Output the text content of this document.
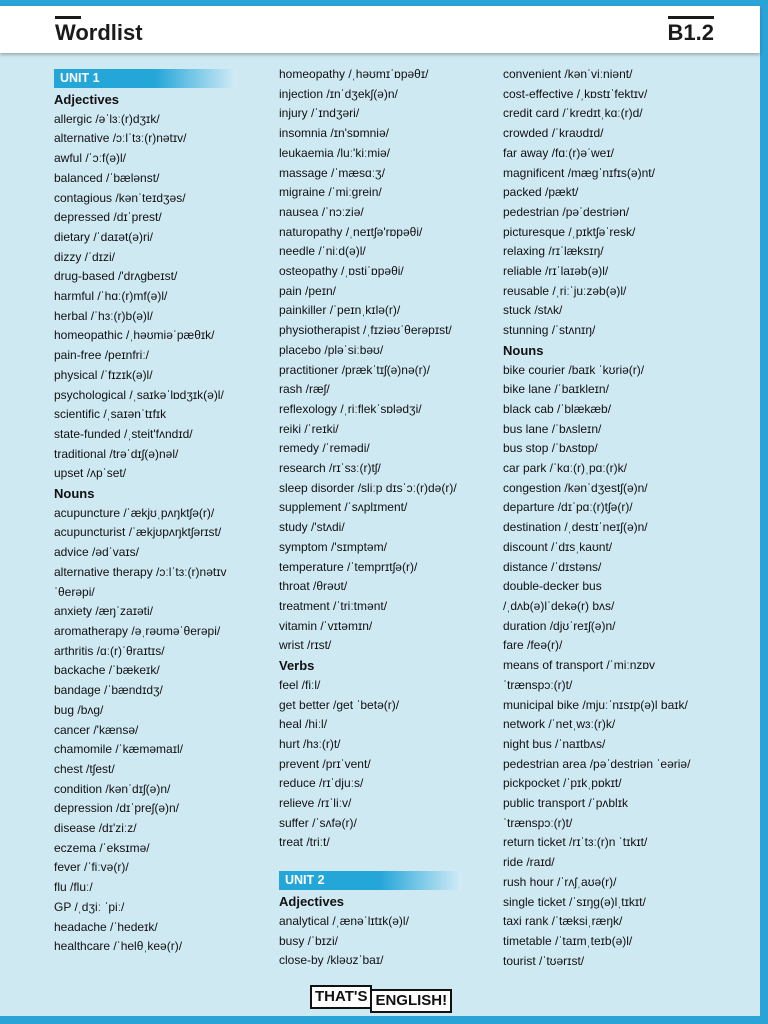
Wordlist	B1.2
UNIT 1
Adjectives
allergic /əˈlɜː(r)dʒɪk/
alternative /ɔːlˈtɜː(r)nətɪv/
awful /ˈɔːf(ə)l/
balanced /ˈbælənst/
contagious /kənˈteɪdʒəs/
depressed /dɪˈprest/
dietary /ˈdaɪət(ə)ri/
dizzy /ˈdɪzi/
drug-based /'drʌgbeɪst/
harmful /ˈhɑː(r)mf(ə)l/
herbal /ˈhɜː(r)b(ə)l/
homeopathic /ˌhəʊmiəˈpæθɪk/
pain-free /peɪnfriː/
physical /ˈfɪzɪk(ə)l/
psychological /ˌsaɪkəˈlɒdʒɪk(ə)l/
scientific /ˌsaɪənˈtɪfɪk
state-funded /ˌsteit'fʌndɪd/
traditional /trəˈdɪʃ(ə)nəl/
upset /ʌpˈset/
Nouns
acupuncture /ˈækjʊˌpʌŋktʃə(r)/
acupuncturist /ˈækjʊpʌŋktʃərɪst/
advice /ədˈvaɪs/
alternative therapy /ɔːlˈtɜː(r)nətɪv
ˈθerəpi/
anxiety /æŋˈzaɪəti/
aromatherapy /əˌrəʊməˈθerəpi/
arthritis /ɑː(r)ˈθraɪtɪs/
backache /ˈbækeɪk/
bandage /ˈbændɪdʒ/
bug /bʌg/
cancer /'kænsə/
chamomile /ˈkæməmaɪl/
chest /tʃest/
condition /kənˈdɪʃ(ə)n/
depression /dɪˈpreʃ(ə)n/
disease /dɪ'ziːz/
eczema /ˈeksɪmə/
fever /ˈfiːvə(r)/
flu /fluː/
GP /ˌdʒiː ˈpiː/
headache /ˈhedeɪk/
healthcare /ˈhelθˌkeə(r)/
homeopathy /ˌhəʊmɪˈɒpəθɪ/
injection /ɪnˈdʒekʃ(ə)n/
injury /ˈɪndʒəri/
insomnia /ɪn'sɒmniə/
leukaemia /luː'kiːmiə/
massage /ˈmæsɑːʒ/
migraine /ˈmiːgrein/
nausea /ˈnɔːziə/
naturopathy /ˌneɪtʃə'rɒpəθi/
needle /ˈniːd(ə)l/
osteopathy /ˌɒstiˈɒpəθi/
pain /peɪn/
painkiller /ˈpeɪnˌkɪlə(r)/
physiotherapist /ˌfɪziəʊˈθerəpɪst/
placebo /pləˈsiːbəʊ/
practitioner /prækˈtɪʃ(ə)nə(r)/
rash /ræʃ/
reflexology /ˌriːflekˈsɒlədʒi/
reiki /ˈreɪki/
remedy /ˈremədi/
research /rɪˈsɜː(r)tʃ/
sleep disorder /sliːp dɪsˈɔː(r)də(r)/
supplement /ˈsʌplɪment/
study /'stʌdi/
symptom /'sɪmptəm/
temperature /ˈtemprɪtʃə(r)/
throat /θrəʊt/
treatment /ˈtriːtmənt/
vitamin /ˈvɪtəmɪn/
wrist /rɪst/
Verbs
feel /fiːl/
get better /get ˈbetə(r)/
heal /hiːl/
hurt /hɜː(r)t/
prevent /prɪˈvent/
reduce /rɪˈdjuːs/
relieve /rɪˈliːv/
suffer /ˈsʌfə(r)/
treat /triːt/
UNIT 2
Adjectives
analytical /ˌænəˈlɪtɪk(ə)l/
busy /ˈbɪzi/
close-by /kləʊzˈbaɪ/
convenient /kənˈviːniənt/
cost-effective /ˌkɒstɪˈfektɪv/
credit card /ˈkredɪtˌkɑː(r)d/
crowded /ˈkraʊdɪd/
far away /fɑː(r)əˈweɪ/
magnificent /mægˈnɪfɪs(ə)nt/
packed /pækt/
pedestrian /pəˈdestriən/
picturesque /ˌpɪktʃəˈresk/
relaxing /rɪˈlæksɪŋ/
reliable /rɪˈlaɪəb(ə)l/
reusable /ˌriːˈjuːzəb(ə)l/
stuck /stʌk/
stunning /ˈstʌnɪŋ/
Nouns
bike courier /baɪk ˈkʊriə(r)/
bike lane /ˈbaɪkleɪn/
black cab /ˈblækæb/
bus lane /ˈbʌsleɪn/
bus stop /ˈbʌstɒp/
car park /ˈkɑː(r)ˌpɑː(r)k/
congestion /kənˈdʒestʃ(ə)n/
departure /dɪˈpɑː(r)tʃə(r)/
destination /ˌdestɪˈneɪʃ(ə)n/
discount /ˈdɪsˌkaʊnt/
distance /ˈdɪstəns/
double-decker bus
/ˌdʌb(ə)lˈdekə(r) bʌs/
duration /djʊˈreɪʃ(ə)n/
fare /feə(r)/
means of transport /ˈmiːnzɒv
ˈtrænspɔː(r)t/
municipal bike /mjuːˈnɪsɪp(ə)l baɪk/
network /ˈnetˌwɜː(r)k/
night bus /ˈnaɪtbʌs/
pedestrian area /pəˈdestriən ˈeəriə/
pickpocket /ˈpɪkˌpɒkɪt/
public transport /ˈpʌblɪk
ˈtrænspɔː(r)t/
return ticket /rɪˈtɜː(r)n ˈtɪkɪt/
ride /raɪd/
rush hour /ˈrʌʃˌaʊə(r)/
single ticket /ˈsɪŋg(ə)lˌtɪkɪt/
taxi rank /ˈtæksiˌræŋk/
timetable /ˈtaɪmˌteɪb(ə)l/
tourist /ˈtʊərɪst/
THAT'S ENGLISH!
